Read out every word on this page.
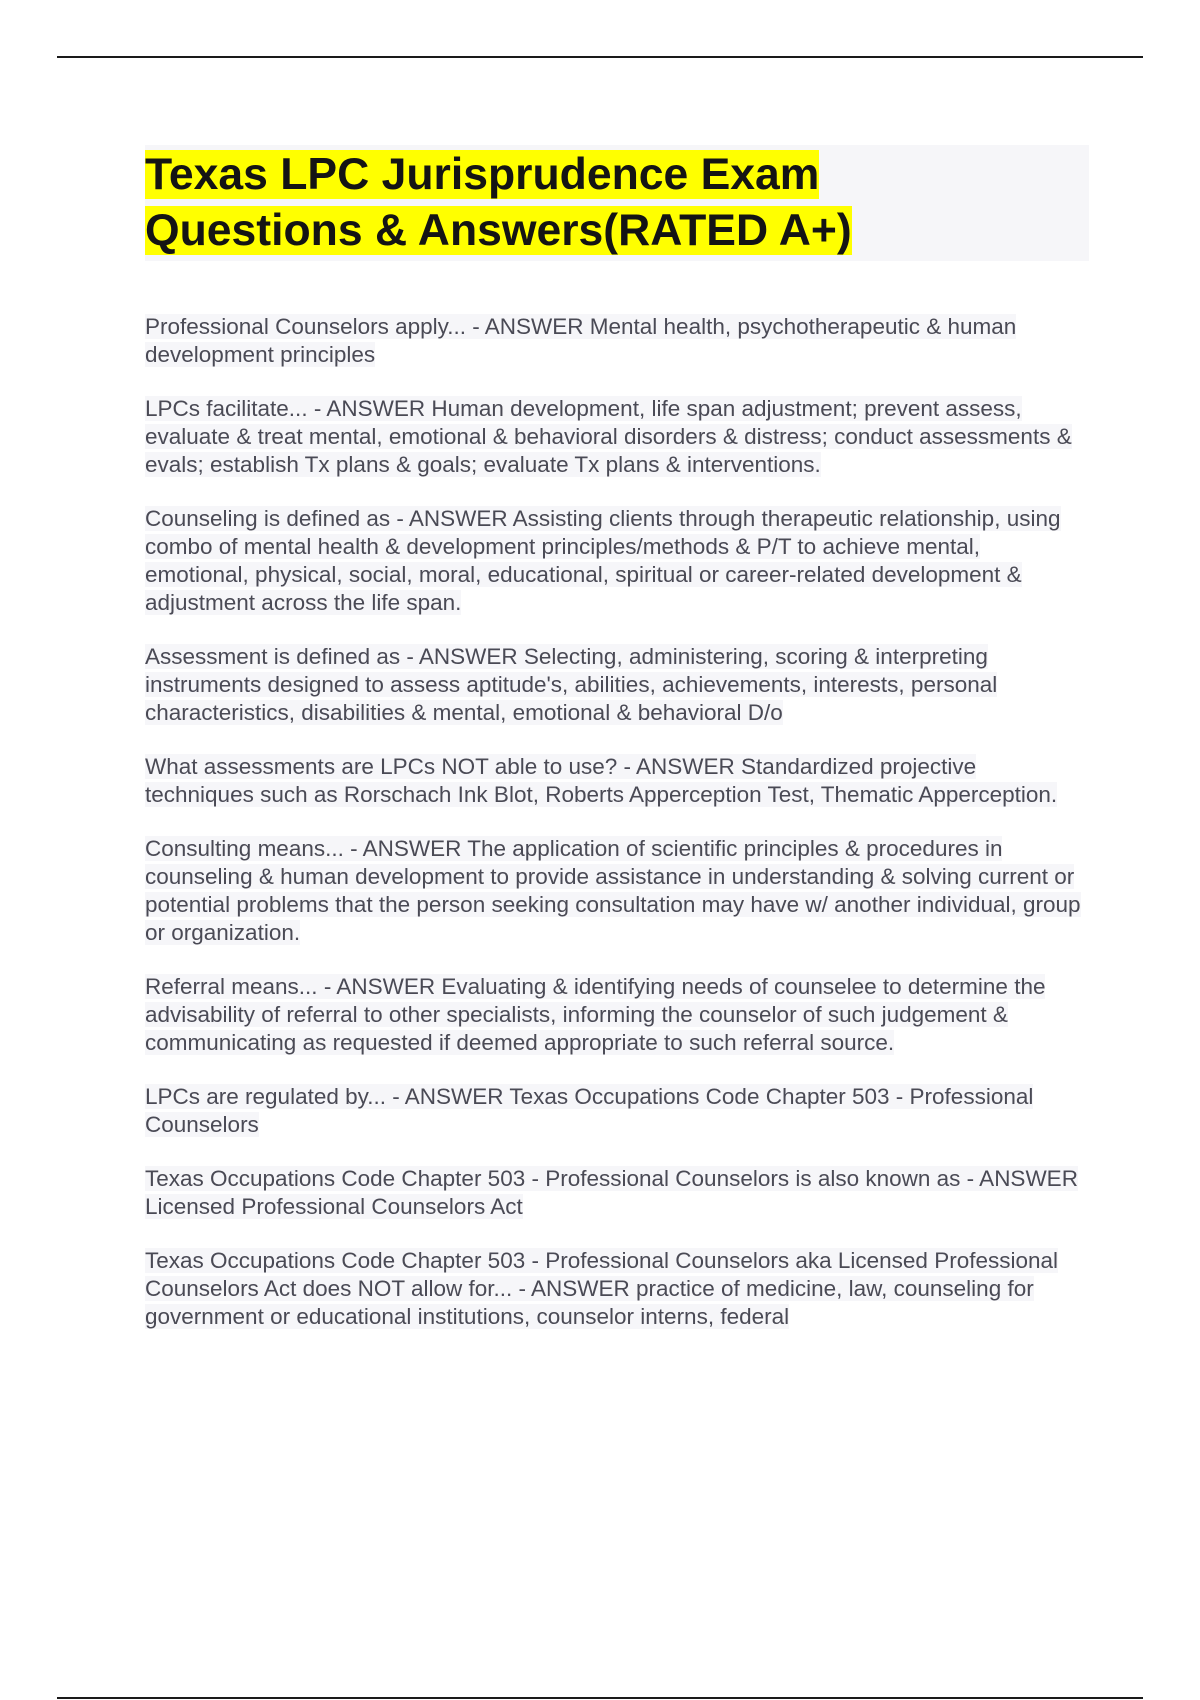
Texas LPC Jurisprudence Exam
Questions & Answers(RATED A+)

Professional Counselors apply... - ANSWER Mental health, psychotherapeutic & human development principles

LPCs facilitate... - ANSWER Human development, life span adjustment; prevent assess, evaluate & treat mental, emotional & behavioral disorders & distress; conduct assessments & evals; establish Tx plans & goals; evaluate Tx plans & interventions.

Counseling is defined as - ANSWER Assisting clients through therapeutic relationship, using combo of mental health & development principles/methods & P/T to achieve mental, emotional, physical, social, moral, educational, spiritual or career-related development & adjustment across the life span.

Assessment is defined as - ANSWER Selecting, administering, scoring & interpreting instruments designed to assess aptitude's, abilities, achievements, interests, personal characteristics, disabilities & mental, emotional & behavioral D/o

What assessments are LPCs NOT able to use? - ANSWER Standardized projective techniques such as Rorschach Ink Blot, Roberts Apperception Test, Thematic Apperception.

Consulting means... - ANSWER The application of scientific principles & procedures in counseling & human development to provide assistance in understanding & solving current or potential problems that the person seeking consultation may have w/ another individual, group or organization.

Referral means... - ANSWER Evaluating & identifying needs of counselee to determine the advisability of referral to other specialists, informing the counselor of such judgement & communicating as requested if deemed appropriate to such referral source.

LPCs are regulated by... - ANSWER Texas Occupations Code Chapter 503 - Professional Counselors

Texas Occupations Code Chapter 503 - Professional Counselors is also known as - ANSWER Licensed Professional Counselors Act

Texas Occupations Code Chapter 503 - Professional Counselors aka Licensed Professional Counselors Act does NOT allow for... - ANSWER practice of medicine, law, counseling for government or educational institutions, counselor interns, federal
